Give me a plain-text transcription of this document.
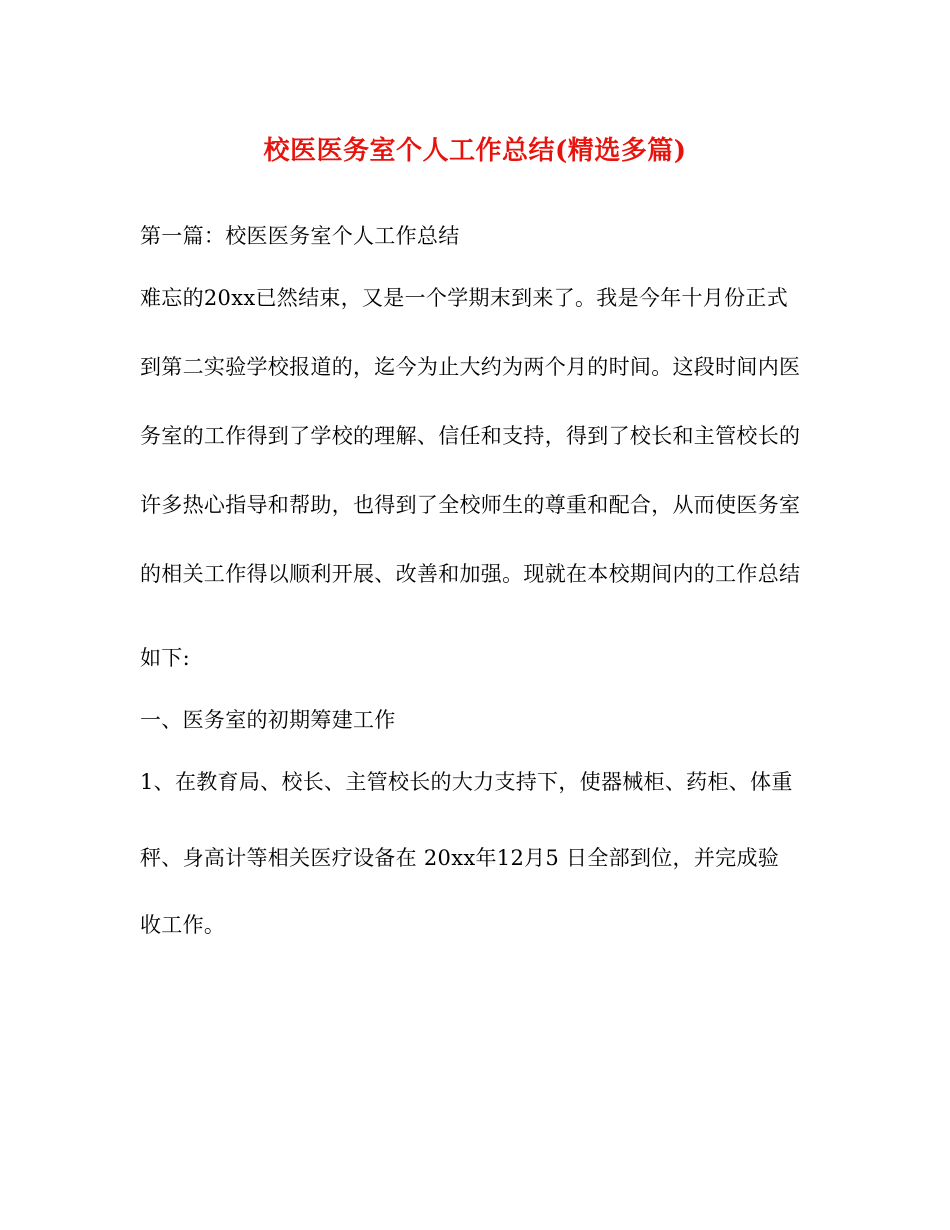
校医医务室个人工作总结(精选多篇)
第一篇：校医医务室个人工作总结
难忘的20xx已然结束，又是一个学期末到来了。我是今年十月份正式
到第二实验学校报道的，迄今为止大约为两个月的时间。这段时间内医
务室的工作得到了学校的理解、信任和支持，得到了校长和主管校长的
许多热心指导和帮助，也得到了全校师生的尊重和配合，从而使医务室
的相关工作得以顺利开展、改善和加强。现就在本校期间内的工作总结
如下:
一、医务室的初期筹建工作
1、在教育局、校长、主管校长的大力支持下，使器械柜、药柜、体重
秤、身高计等相关医疗设备在 20xx年12月5 日全部到位，并完成验
收工作。
